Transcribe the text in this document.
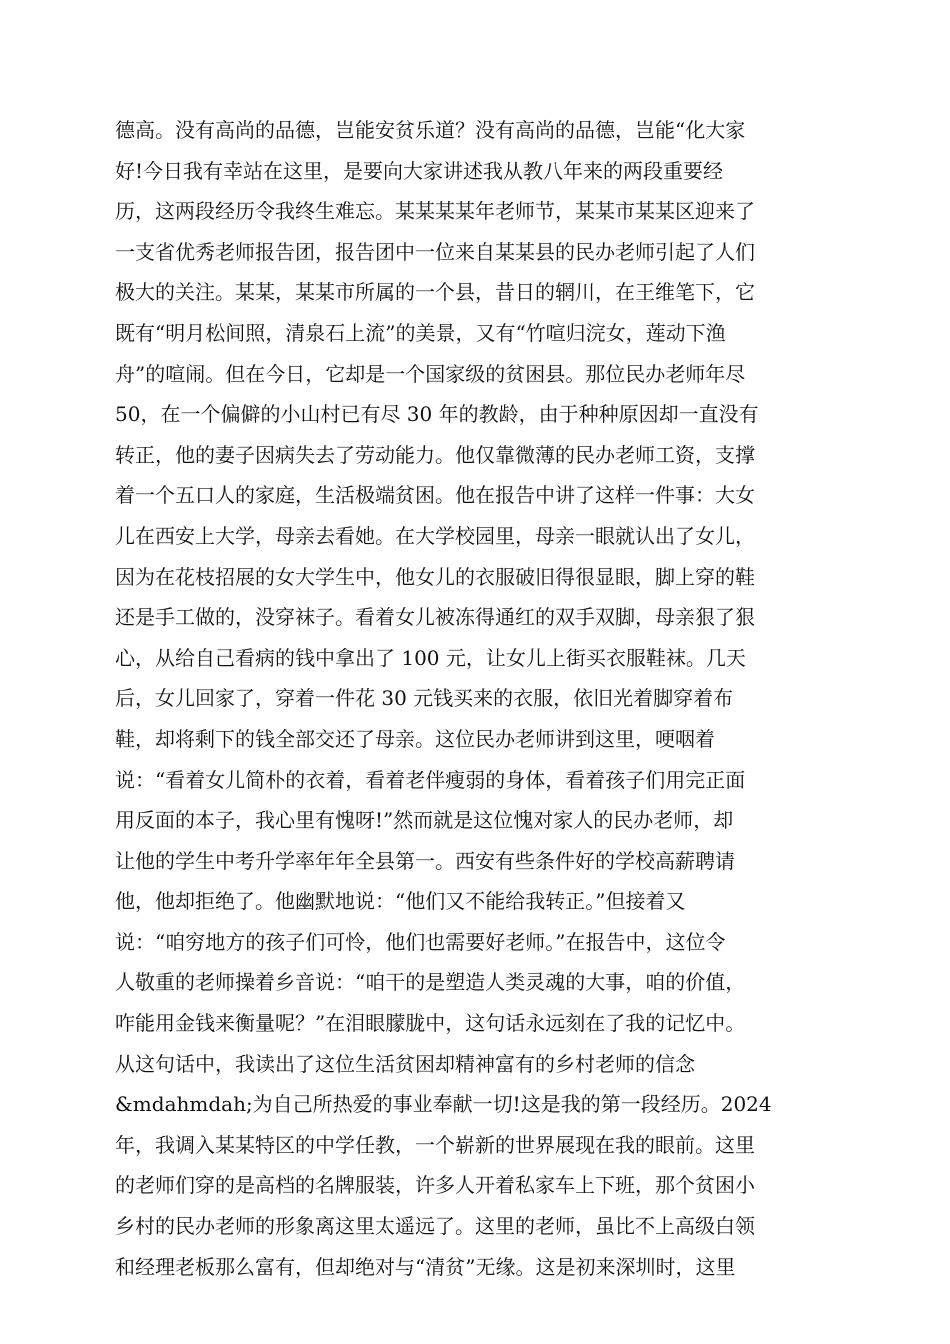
德高。没有高尚的品德，岂能安贫乐道？没有高尚的品德，岂能“化大家
好!今日我有幸站在这里，是要向大家讲述我从教八年来的两段重要经
历，这两段经历令我终生难忘。某某某某年老师节，某某市某某区迎来了
一支省优秀老师报告团，报告团中一位来自某某县的民办老师引起了人们
极大的关注。某某，某某市所属的一个县，昔日的辋川，在王维笔下，它
既有“明月松间照，清泉石上流”的美景，又有“竹喧归浣女，莲动下渔
舟”的喧闹。但在今日，它却是一个国家级的贫困县。那位民办老师年尽
50，在一个偏僻的小山村已有尽 30 年的教龄，由于种种原因却一直没有
转正，他的妻子因病失去了劳动能力。他仅靠微薄的民办老师工资，支撑
着一个五口人的家庭，生活极端贫困。他在报告中讲了这样一件事：大女
儿在西安上大学，母亲去看她。在大学校园里，母亲一眼就认出了女儿，
因为在花枝招展的女大学生中，他女儿的衣服破旧得很显眼，脚上穿的鞋
还是手工做的，没穿袜子。看着女儿被冻得通红的双手双脚，母亲狠了狠
心，从给自己看病的钱中拿出了 100 元，让女儿上街买衣服鞋袜。几天
后，女儿回家了，穿着一件花 30 元钱买来的衣服，依旧光着脚穿着布
鞋，却将剩下的钱全部交还了母亲。这位民办老师讲到这里，哽咽着
说：“看着女儿简朴的衣着，看着老伴瘦弱的身体，看着孩子们用完正面
用反面的本子，我心里有愧呀!”然而就是这位愧对家人的民办老师，却
让他的学生中考升学率年年全县第一。西安有些条件好的学校高薪聘请
他，他却拒绝了。他幽默地说：“他们又不能给我转正。”但接着又
说：“咱穷地方的孩子们可怜，他们也需要好老师。”在报告中，这位令
人敬重的老师操着乡音说：“咱干的是塑造人类灵魂的大事，咱的价值，
咋能用金钱来衡量呢？”在泪眼朦胧中，这句话永远刻在了我的记忆中。
从这句话中，我读出了这位生活贫困却精神富有的乡村老师的信念
&mdahmdah;为自己所热爱的事业奉献一切!这是我的第一段经历。2024
年，我调入某某特区的中学任教，一个崭新的世界展现在我的眼前。这里
的老师们穿的是高档的名牌服装，许多人开着私家车上下班，那个贫困小
乡村的民办老师的形象离这里太遥远了。这里的老师，虽比不上高级白领
和经理老板那么富有，但却绝对与“清贫”无缘。这是初来深圳时，这里
